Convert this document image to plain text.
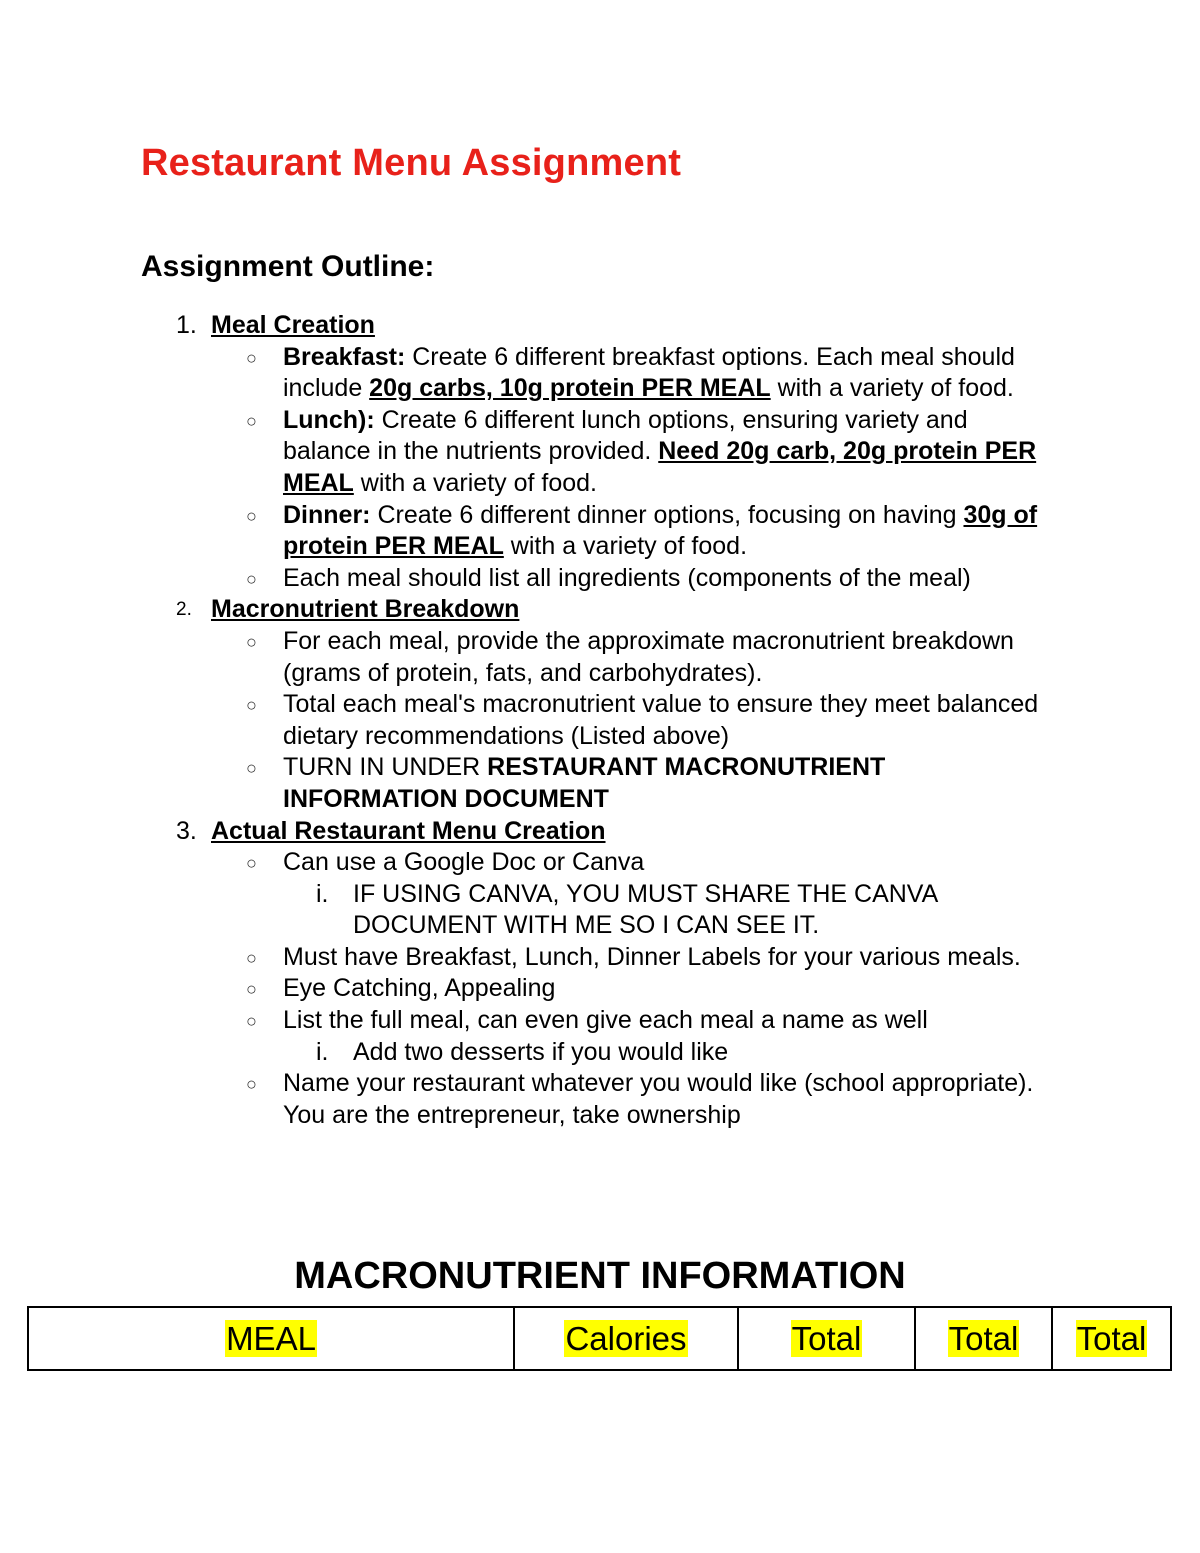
Restaurant Menu Assignment
Assignment Outline:
1. Meal Creation
○ Breakfast: Create 6 different breakfast options. Each meal should include 20g carbs, 10g protein PER MEAL with a variety of food.
○ Lunch): Create 6 different lunch options, ensuring variety and balance in the nutrients provided. Need 20g carb, 20g protein PER MEAL with a variety of food.
○ Dinner: Create 6 different dinner options, focusing on having 30g of protein PER MEAL with a variety of food.
○ Each meal should list all ingredients (components of the meal)
2. Macronutrient Breakdown
○ For each meal, provide the approximate macronutrient breakdown (grams of protein, fats, and carbohydrates).
○ Total each meal's macronutrient value to ensure they meet balanced dietary recommendations (Listed above)
○ TURN IN UNDER RESTAURANT MACRONUTRIENT INFORMATION DOCUMENT
3. Actual Restaurant Menu Creation
○ Can use a Google Doc or Canva
i. IF USING CANVA, YOU MUST SHARE THE CANVA DOCUMENT WITH ME SO I CAN SEE IT.
○ Must have Breakfast, Lunch, Dinner Labels for your various meals.
○ Eye Catching, Appealing
○ List the full meal, can even give each meal a name as well
i. Add two desserts if you would like
○ Name your restaurant whatever you would like (school appropriate). You are the entrepreneur, take ownership
MACRONUTRIENT INFORMATION
MEAL	Calories	Total	Total	Total
